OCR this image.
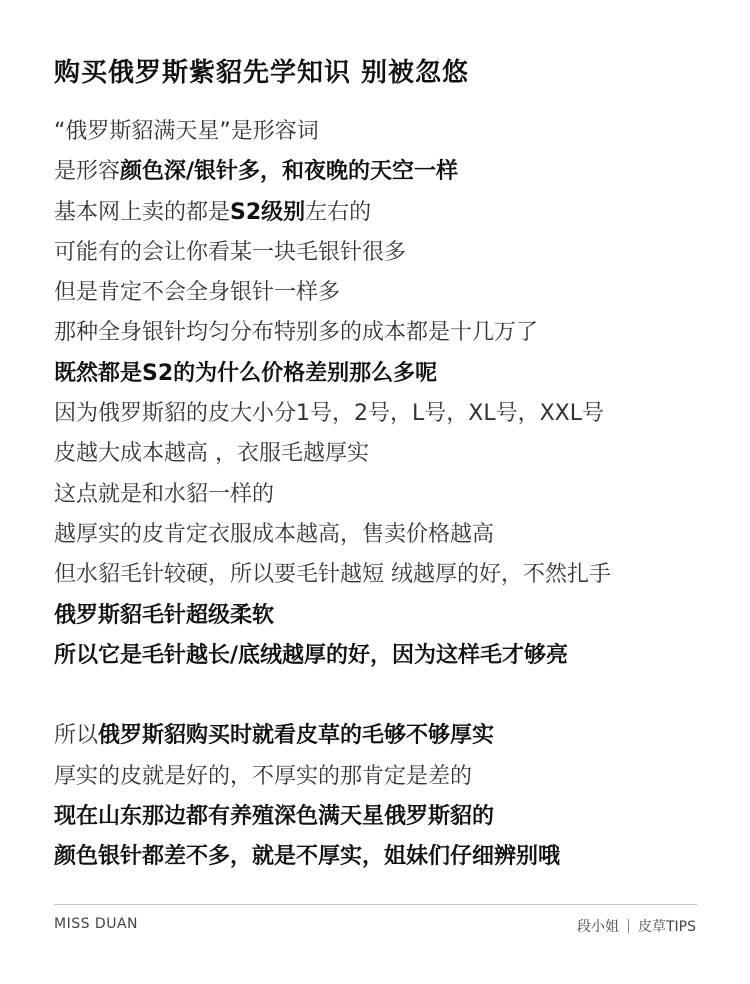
购买俄罗斯紫貂先学知识 别被忽悠
“俄罗斯貂满天星”是形容词
是形容颜色深/银针多，和夜晚的天空一样
基本网上卖的都是S2级别左右的
可能有的会让你看某一块毛银针很多
但是肯定不会全身银针一样多
那种全身银针均匀分布特别多的成本都是十几万了
既然都是S2的为什么价格差别那么多呢
因为俄罗斯貂的皮大小分1号，2号，L号，XL号，XXL号
皮越大成本越高 ，衣服毛越厚实
这点就是和水貂一样的
越厚实的皮肯定衣服成本越高，售卖价格越高
但水貂毛针较硬，所以要毛针越短 绒越厚的好，不然扎手
俄罗斯貂毛针超级柔软
所以它是毛针越长/底绒越厚的好，因为这样毛才够亮
所以俄罗斯貂购买时就看皮草的毛够不够厚实
厚实的皮就是好的，不厚实的那肯定是差的
现在山东那边都有养殖深色满天星俄罗斯貂的
颜色银针都差不多，就是不厚实，姐妹们仔细辨别哦
MISS DUAN	段小姐 皮草TIPS
